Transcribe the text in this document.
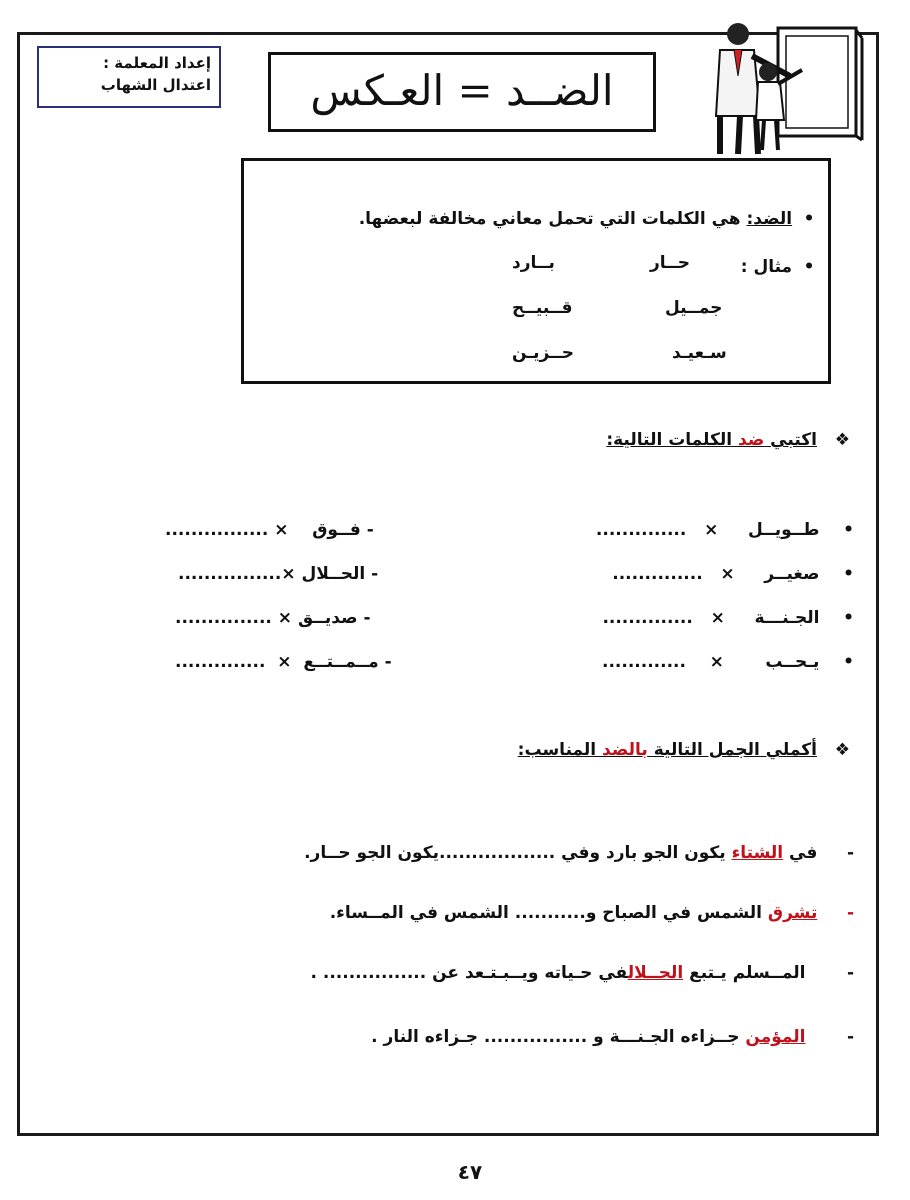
إعداد المعلمة :
اعتدال الشهاب	الضــد = العـكس
• الضد: هي الكلمات التي تحمل معاني مخالفة لبعضها.
• مثال :
حــار
بــارد
جمــيل
قــبيــح
سـعيـد
حــزيـن
❖   اكتبي ضد الكلمات التالية:
•    طــويــل     ×   ..............
- فــوق    × ................
•    صغيــر     ×   ..............
- الحــلال ×................
•    الجـنـــة     ×   ..............
- صديــق × ...............
•    يـحــب       ×    .............
- مــمــتــع  ×  ..............
❖   أكملي الجمل التالية بالضد المناسب:
-     في الشتاء يكون الجو بارد وفي ..................يكون الجو حــار.
-     تشرق الشمس في الصباح و........... الشمس في المــساء.
-       المــسلم يـتبع الحــلالفي حـياته ويــبـتـعد عن ................ .
-       المؤمن جــزاءه الجـنـــة و ................ جـزاءه النار .
٤٧
